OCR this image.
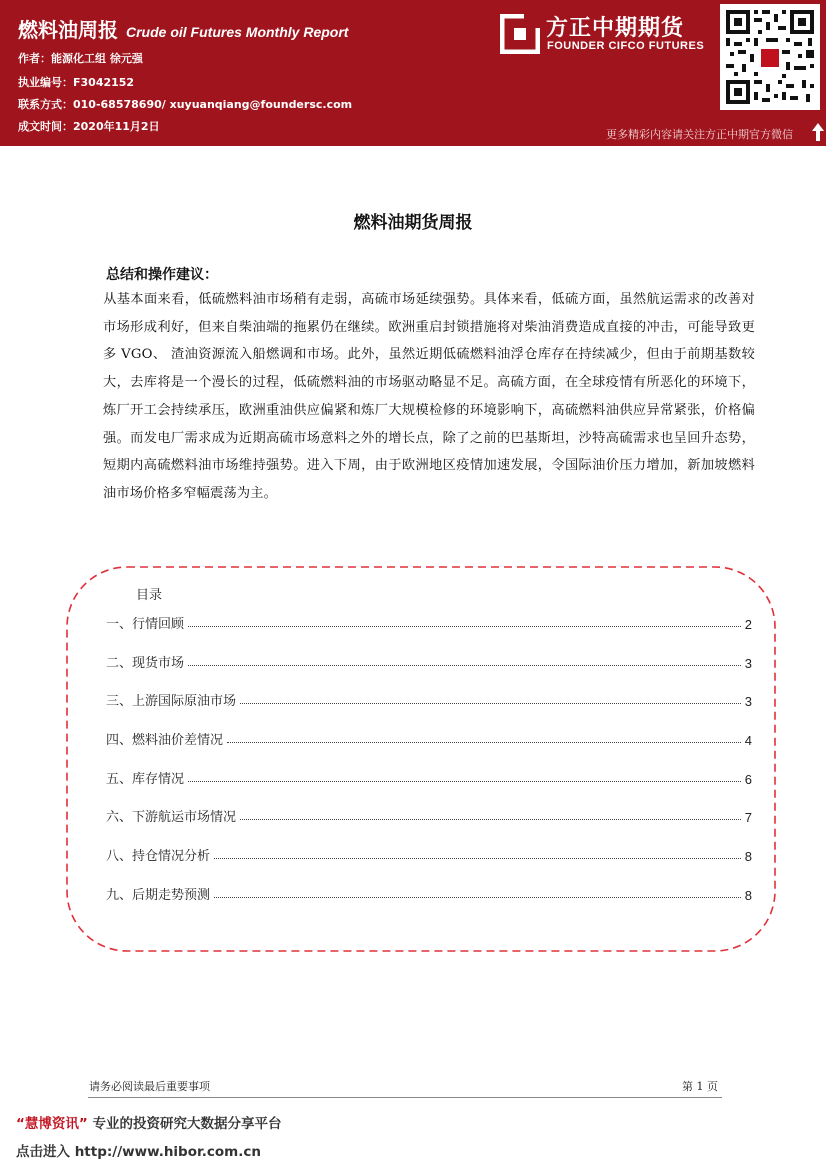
燃料油周报 Crude oil Futures Monthly Report
作者：能源化工组 徐元强
执业编号：F3042152
联系方式：010-68578690/ xuyuanqiang@foundersc.com
成文时间：2020年11月2日
方正中期期货
FOUNDER CIFCO FUTURES
更多精彩内容请关注方正中期官方微信
燃料油期货周报
总结和操作建议：
从基本面来看，低硫燃料油市场稍有走弱，高硫市场延续强势。具体来看，低硫方面，虽然航运需求的改善对市场形成利好，但来自柴油端的拖累仍在继续。欧洲重启封锁措施将对柴油消费造成直接的冲击，可能导致更多 VGO、 渣油资源流入船燃调和市场。此外，虽然近期低硫燃料油浮仓库存在持续减少，但由于前期基数较大，去库将是一个漫长的过程，低硫燃料油的市场驱动略显不足。高硫方面，在全球疫情有所恶化的环境下，炼厂开工会持续承压，欧洲重油供应偏紧和炼厂大规模检修的环境影响下，高硫燃料油供应异常紧张，价格偏强。而发电厂需求成为近期高硫市场意料之外的增长点，除了之前的巴基斯坦，沙特高硫需求也呈回升态势，短期内高硫燃料油市场维持强势。进入下周，由于欧洲地区疫情加速发展，令国际油价压力增加，新加坡燃料油市场价格多窄幅震荡为主。
目录
一、行情回顾	2
二、现货市场	3
三、上游国际原油市场	3
四、燃料油价差情况	4
五、库存情况	6
六、下游航运市场情况	7
八、持仓情况分析	8
九、后期走势预测	8
请务必阅读最后重要事项	第 1 页
“慧博资讯” 专业的投资研究大数据分享平台
点击进入 http://www.hibor.com.cn
